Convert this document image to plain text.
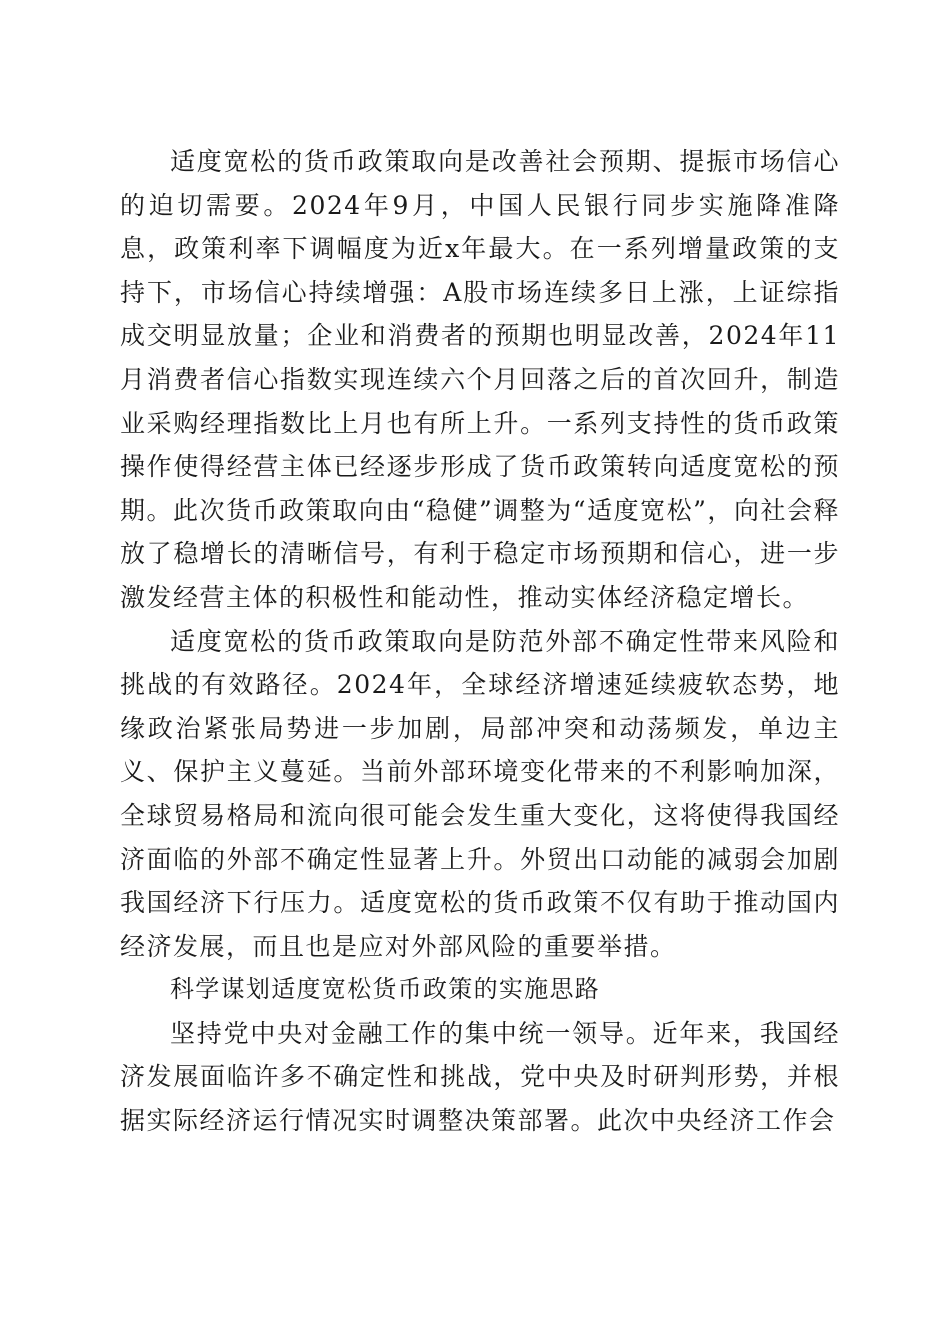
适度宽松的货币政策取向是改善社会预期、提振市场信心的迫切需要。2024年9月，中国人民银行同步实施降准降息，政策利率下调幅度为近x年最大。在一系列增量政策的支持下，市场信心持续增强：A股市场连续多日上涨，上证综指成交明显放量；企业和消费者的预期也明显改善，2024年11月消费者信心指数实现连续六个月回落之后的首次回升，制造业采购经理指数比上月也有所上升。一系列支持性的货币政策操作使得经营主体已经逐步形成了货币政策转向适度宽松的预期。此次货币政策取向由“稳健”调整为“适度宽松”，向社会释放了稳增长的清晰信号，有利于稳定市场预期和信心，进一步激发经营主体的积极性和能动性，推动实体经济稳定增长。

适度宽松的货币政策取向是防范外部不确定性带来风险和挑战的有效路径。2024年，全球经济增速延续疲软态势，地缘政治紧张局势进一步加剧，局部冲突和动荡频发，单边主义、保护主义蔓延。当前外部环境变化带来的不利影响加深，全球贸易格局和流向很可能会发生重大变化，这将使得我国经济面临的外部不确定性显著上升。外贸出口动能的减弱会加剧我国经济下行压力。适度宽松的货币政策不仅有助于推动国内经济发展，而且也是应对外部风险的重要举措。

科学谋划适度宽松货币政策的实施思路

坚持党中央对金融工作的集中统一领导。近年来，我国经济发展面临许多不确定性和挑战，党中央及时研判形势，并根据实际经济运行情况实时调整决策部署。此次中央经济工作会
